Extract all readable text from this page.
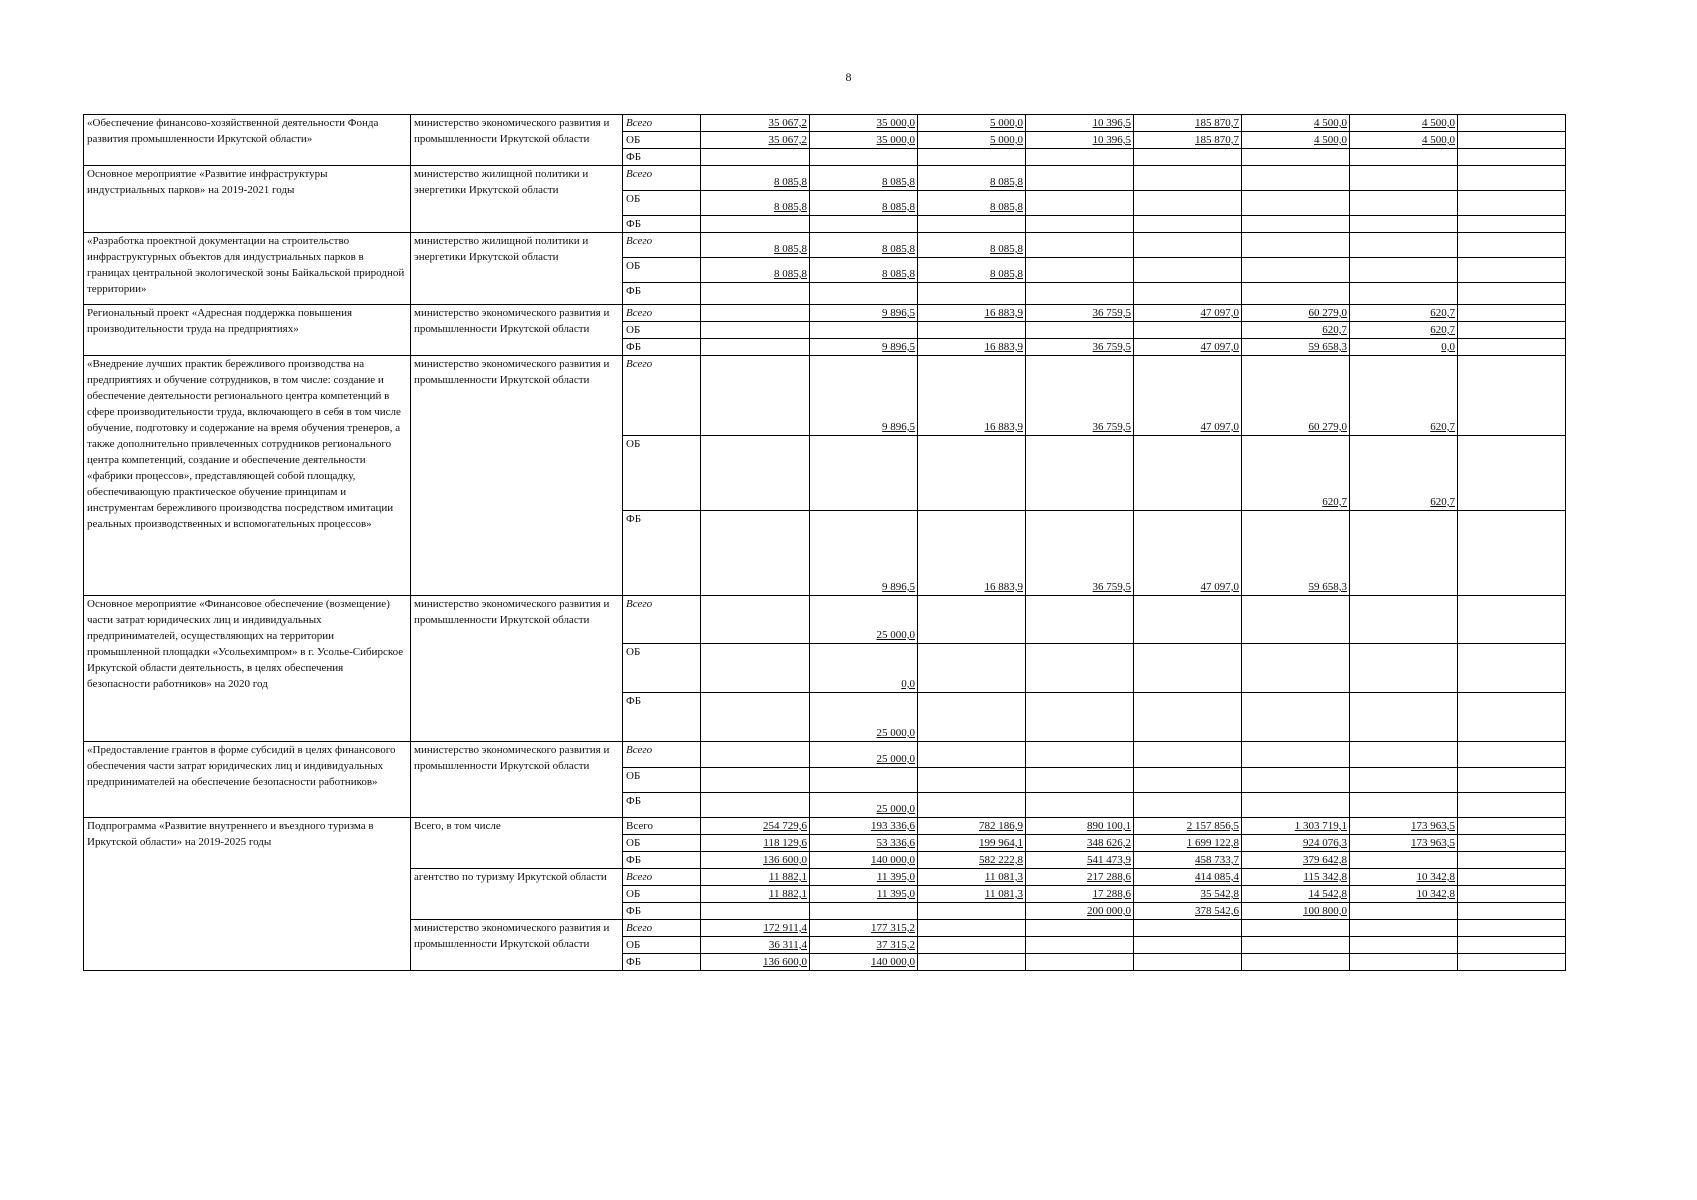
8
«Обеспечение финансово-хозяйственной деятельности Фонда развития промышленности Иркутской области»	министерство экономического развития и промышленности Иркутской области	Всего	35 067,2	35 000,0	5 000,0	10 396,5	185 870,7	4 500,0	4 500,0	
		ОБ	35 067,2	35 000,0	5 000,0	10 396,5	185 870,7	4 500,0	4 500,0	
		ФБ								
Основное мероприятие «Развитие инфраструктуры индустриальных парков» на 2019-2021 годы	министерство жилищной политики и энергетики Иркутской области	Всего	8 085,8	8 085,8	8 085,8					
		ОБ	8 085,8	8 085,8	8 085,8					
		ФБ								
«Разработка проектной документации на строительство инфраструктурных объектов для индустриальных парков в границах центральной экологической зоны Байкальской природной территории»	министерство жилищной политики и энергетики Иркутской области	Всего	8 085,8	8 085,8	8 085,8					
		ОБ	8 085,8	8 085,8	8 085,8					
		ФБ								
Региональный проект «Адресная поддержка повышения производительности труда на предприятиях»	министерство экономического развития и промышленности Иркутской области	Всего		9 896,5	16 883,9	36 759,5	47 097,0	60 279,0	620,7	
		ОБ						620,7	620,7	
		ФБ		9 896,5	16 883,9	36 759,5	47 097,0	59 658,3	0,0	
«Внедрение лучших практик бережливого производства на предприятиях и обучение сотрудников, в том числе: создание и обеспечение деятельности регионального центра компетенций в сфере производительности труда, включающего в себя в том числе обучение, подготовку и содержание на время обучения тренеров, а также дополнительно привлеченных сотрудников регионального центра компетенций, создание и обеспечение деятельности «фабрики процессов», представляющей собой площадку, обеспечивающую практическое обучение принципам и инструментам бережливого производства посредством имитации реальных производственных и вспомогательных процессов»	министерство экономического развития и промышленности Иркутской области	Всего		9 896,5	16 883,9	36 759,5	47 097,0	60 279,0	620,7	
		ОБ						620,7	620,7	
		ФБ		9 896,5	16 883,9	36 759,5	47 097,0	59 658,3		
Основное мероприятие «Финансовое обеспечение (возмещение) части затрат юридических лиц и индивидуальных предпринимателей, осуществляющих на территории промышленной площадки «Усольехимпром» в г. Усолье-Сибирское Иркутской области деятельность, в целях обеспечения безопасности работников» на 2020 год	министерство экономического развития и промышленности Иркутской области	Всего		25 000,0						
		ОБ		0,0						
		ФБ		25 000,0						
«Предоставление грантов в форме субсидий в целях финансового обеспечения части затрат юридических лиц и индивидуальных предпринимателей на обеспечение безопасности работников»	министерство экономического развития и промышленности Иркутской области	Всего		25 000,0						
		ОБ								
		ФБ		25 000,0						
Подпрограмма «Развитие внутреннего и въездного туризма в Иркутской области» на 2019-2025 годы	Всего, в том числе	Всего	254 729,6	193 336,6	782 186,9	890 100,1	2 157 856,5	1 303 719,1	173 963,5	
		ОБ	118 129,6	53 336,6	199 964,1	348 626,2	1 699 122,8	924 076,3	173 963,5	
		ФБ	136 600,0	140 000,0	582 222,8	541 473,9	458 733,7	379 642,8		
	агентство по туризму Иркутской области	Всего	11 882,1	11 395,0	11 081,3	217 288,6	414 085,4	115 342,8	10 342,8	
		ОБ	11 882,1	11 395,0	11 081,3	17 288,6	35 542,8	14 542,8	10 342,8	
		ФБ				200 000,0	378 542,6	100 800,0		
	министерство экономического развития и промышленности Иркутской области	Всего	172 911,4	177 315,2						
		ОБ	36 311,4	37 315,2						
		ФБ	136 600,0	140 000,0						
